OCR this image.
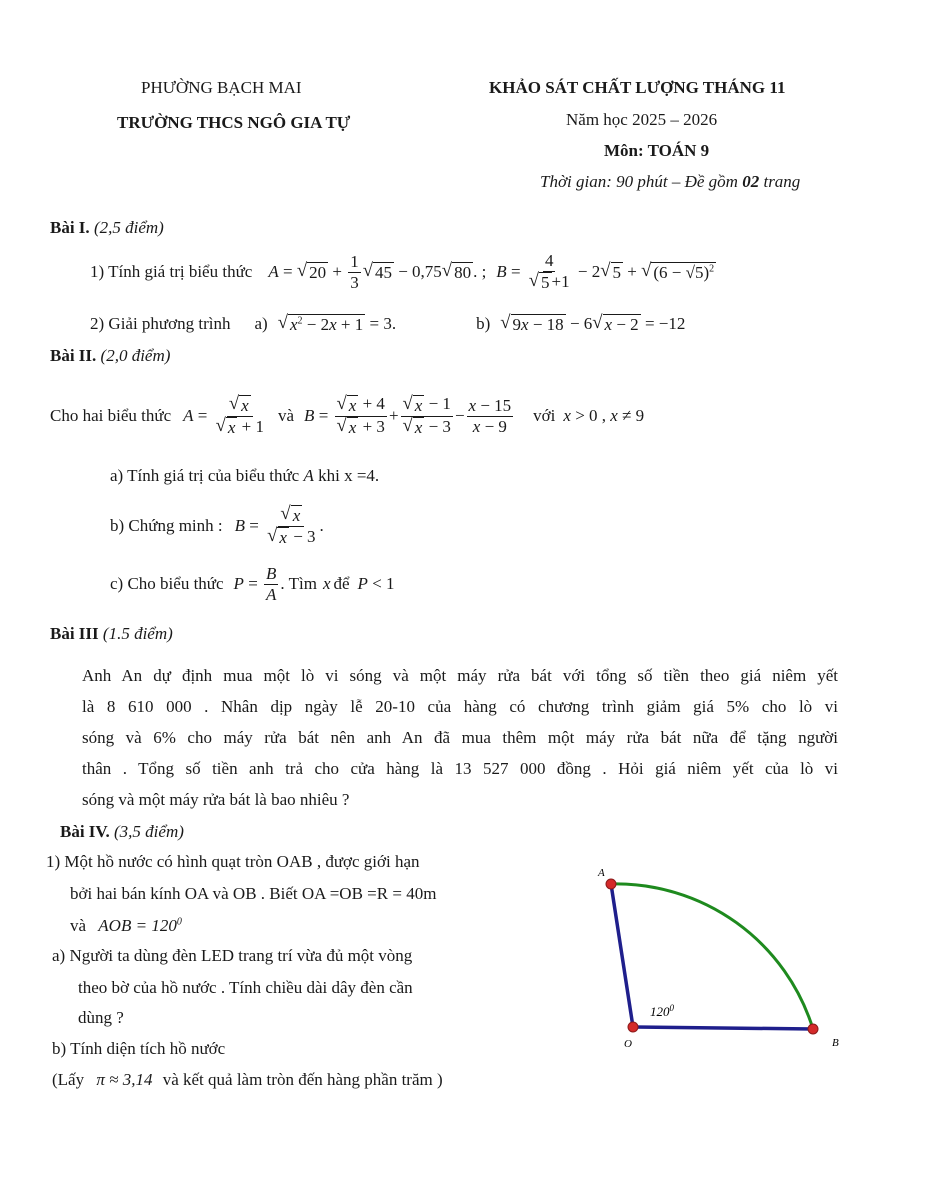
PHƯỜNG BẠCH MAI
TRƯỜNG THCS NGÔ GIA TỰ
KHẢO SÁT CHẤT LƯỢNG THÁNG 11
Năm học 2025 – 2026
Môn: TOÁN 9
Thời gian: 90 phút – Đề gồm 02 trang
Bài I. (2,5 điểm)
1) Tính giá trị biểu thức A = √ $20 + \frac{1}{3}$ √ 45 − 0,75 √ 80 . ; $B = \frac{4}{√ 5 +1} - 2$ √ 5 + √ $(6 - √5)^2$
2) Giải phương trình a) √ $x^2 - 2x + 1 = 3$.	b) √ 9x − 18 − 6 √ x − 2 = −12
Bài II. (2,0 điểm)
Cho hai biểu thức $A = \frac{√ x}{√ x + 1}$ và $B = \frac{√ x + 4}{√ x + 3} + \frac{√ x - 1}{√ x - 3} - \frac{x - 15}{x - 9}$ với x > 0 , x ≠ 9
a) Tính giá trị của biểu thức A khi x =4.
b) Chứng minh : $B = \frac{√ x}{√ x - 3}$ .
c) Cho biểu thức $P = \frac{B}{A}$ . Tìm x để P < 1
Bài III (1.5 điểm)

Anh An dự định mua một lò vi sóng và một máy rửa bát với tổng số tiền theo giá niêm yết

là 8 610 000 . Nhân dịp ngày lễ 20-10 của hàng có chương trình giảm giá 5% cho lò vi

sóng và 6% cho máy rửa bát nên anh An đã mua thêm một máy rửa bát nữa để tặng người

thân . Tổng số tiền anh trả cho cửa hàng là 13 527 000 đồng . Hỏi giá niêm yết của lò vi

sóng và một máy rửa bát là bao nhiêu ?

Bài IV. (3,5 điểm)
1) Một hồ nước có hình quạt tròn OAB , được giới hạn
bởi hai bán kính OA và OB . Biết OA =OB =R = 40m
và AOB = $120^0$
a) Người ta dùng đèn LED trang trí vừa đủ một vòng
theo bờ của hồ nước . Tính chiều dài dây đèn cần
dùng ?
b) Tính diện tích hồ nước
(Lấy π ≈ 3,14 và kết quả làm tròn đến hàng phần trăm )
A
O	B
$120^0$
